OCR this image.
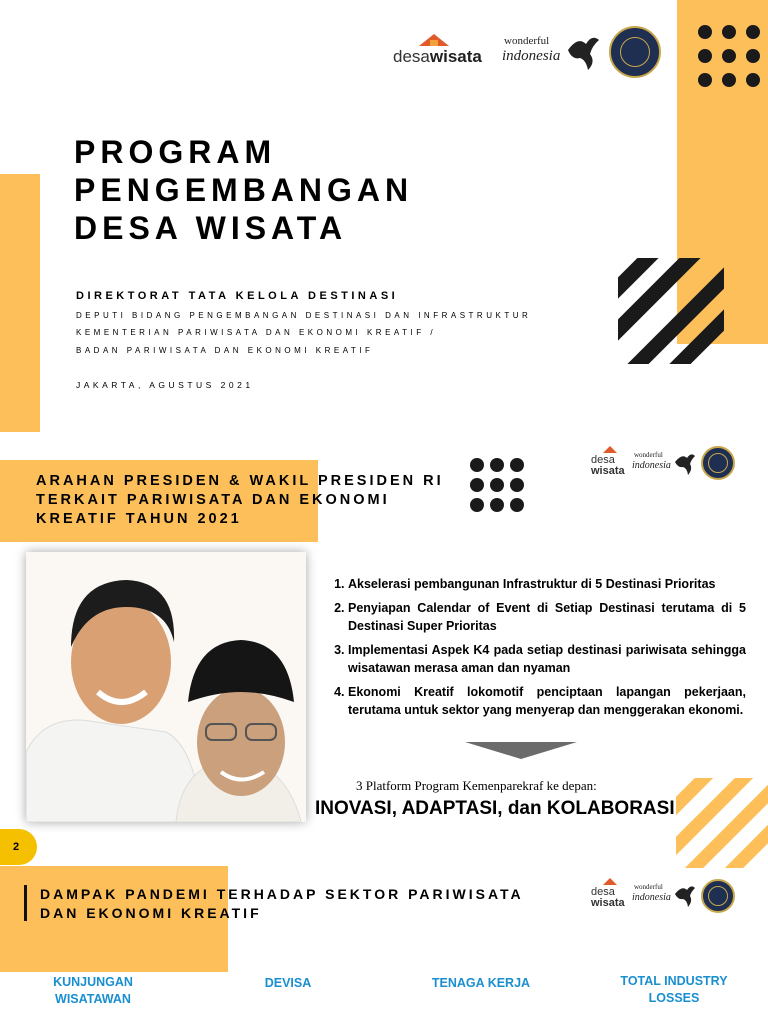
desawisata
wonderful
indonesia
PROGRAM
PENGEMBANGAN
DESA WISATA
DIREKTORAT TATA KELOLA DESTINASI
DEPUTI BIDANG PENGEMBANGAN DESTINASI DAN INFRASTRUKTUR
KEMENTERIAN PARIWISATA DAN EKONOMI KREATIF /
BADAN PARIWISATA DAN EKONOMI KREATIF
JAKARTA, AGUSTUS 2021
ARAHAN PRESIDEN & WAKIL PRESIDEN RI
TERKAIT PARIWISATA DAN EKONOMI
KREATIF TAHUN 2021
desa
wisata
wonderful
indonesia
1. Akselerasi pembangunan Infrastruktur di 5 Destinasi Prioritas
2. Penyiapan Calendar of Event di Setiap Destinasi terutama di 5 Destinasi Super Prioritas
3. Implementasi Aspek K4 pada setiap destinasi pariwisata sehingga wisatawan merasa aman dan nyaman
4. Ekonomi Kreatif lokomotif penciptaan lapangan pekerjaan, terutama untuk sektor yang menyerap dan menggerakan ekonomi.
3 Platform Program Kemenparekraf ke depan:
INOVASI, ADAPTASI, dan KOLABORASI
2
DAMPAK PANDEMI TERHADAP SEKTOR PARIWISATA
DAN EKONOMI KREATIF
desa
wisata
wonderful
indonesia
KUNJUNGAN
WISATAWAN
DEVISA	TENAGA KERJA	TOTAL INDUSTRY
LOSSES
